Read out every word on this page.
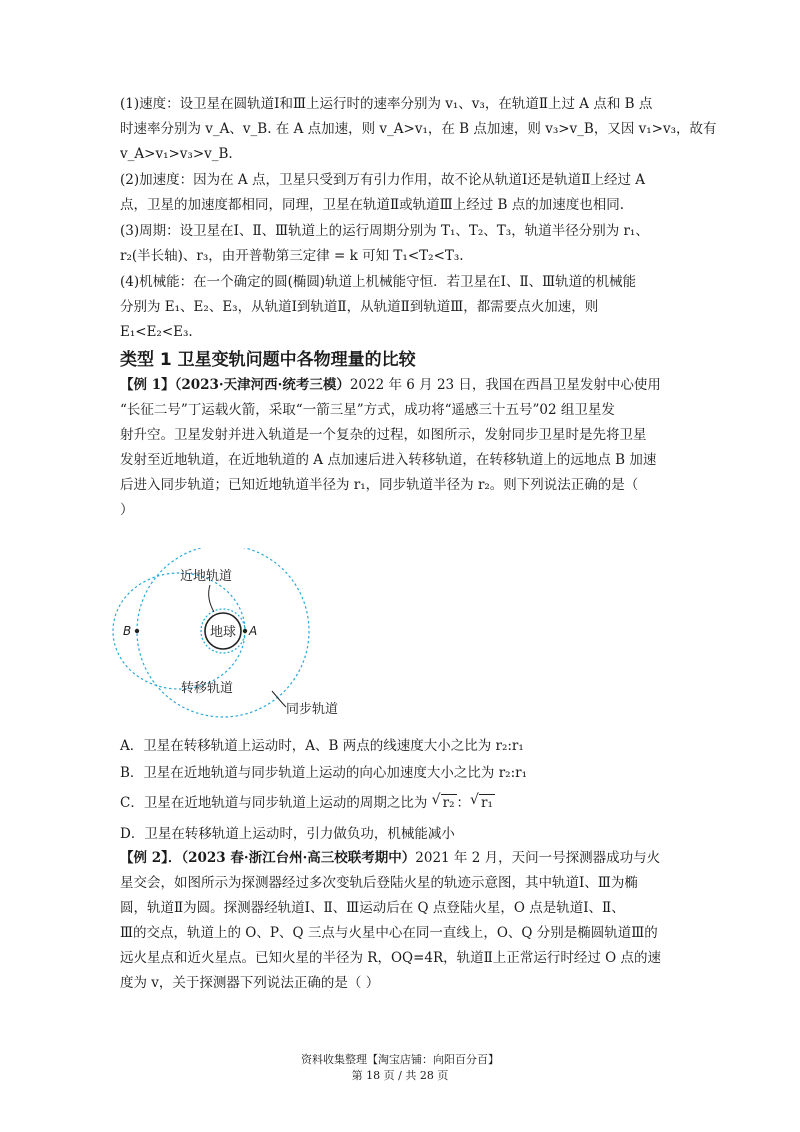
(1)速度：设卫星在圆轨道Ⅰ和Ⅲ上运行时的速率分别为 v₁、v₃，在轨道Ⅱ上过 A 点和 B 点
时速率分别为 v_A、v_B. 在 A 点加速，则 v_A>v₁，在 B 点加速，则 v₃>v_B，又因 v₁>v₃，故有
v_A>v₁>v₃>v_B.
(2)加速度：因为在 A 点，卫星只受到万有引力作用，故不论从轨道Ⅰ还是轨道Ⅱ上经过 A
点，卫星的加速度都相同，同理，卫星在轨道Ⅱ或轨道Ⅲ上经过 B 点的加速度也相同.
(3)周期：设卫星在Ⅰ、Ⅱ、Ⅲ轨道上的运行周期分别为 T₁、T₂、T₃，轨道半径分别为 r₁、
r₂(半长轴)、r₃，由开普勒第三定律 = k 可知 T₁<T₂<T₃.
(4)机械能：在一个确定的圆(椭圆)轨道上机械能守恒．若卫星在Ⅰ、Ⅱ、Ⅲ轨道的机械能
分别为 E₁、E₂、E₃，从轨道Ⅰ到轨道Ⅱ，从轨道Ⅱ到轨道Ⅲ，都需要点火加速，则
E₁<E₂<E₃.
类型 1 卫星变轨问题中各物理量的比较
【例 1】（2023·天津河西·统考三模）2022 年 6 月 23 日，我国在西昌卫星发射中心使用
“长征二号”丁运载火箭，采取“一箭三星”方式，成功将“遥感三十五号”02 组卫星发
射升空。卫星发射并进入轨道是一个复杂的过程，如图所示，发射同步卫星时是先将卫星
发射至近地轨道，在近地轨道的 A 点加速后进入转移轨道，在转移轨道上的远地点 B 加速
后进入同步轨道；已知近地轨道半径为 r₁，同步轨道半径为 r₂。则下列说法正确的是（
）
地球 A
B
近地轨道
转移轨道
同步轨道
A．卫星在转移轨道上运动时，A、B 两点的线速度大小之比为 r₂:r₁
B．卫星在近地轨道与同步轨道上运动的向心加速度大小之比为 r₂:r₁
C．卫星在近地轨道与同步轨道上运动的周期之比为 √ r₂ ： √ r₁
D．卫星在转移轨道上运动时，引力做负功，机械能减小
【例 2】．（2023 春·浙江台州·高三校联考期中）2021 年 2 月，天问一号探测器成功与火
星交会，如图所示为探测器经过多次变轨后登陆火星的轨迹示意图，其中轨道Ⅰ、Ⅲ为椭
圆，轨道Ⅱ为圆。探测器经轨道Ⅰ、Ⅱ、Ⅲ运动后在 Q 点登陆火星，O 点是轨道Ⅰ、Ⅱ、
Ⅲ的交点，轨道上的 O、P、Q 三点与火星中心在同一直线上，O、Q 分别是椭圆轨道Ⅲ的
远火星点和近火星点。已知火星的半径为 R，OQ=4R，轨道Ⅱ上正常运行时经过 O 点的速
度为 v，关于探测器下列说法正确的是（ ）
资料收集整理【淘宝店铺：向阳百分百】
第 18 页 / 共 28 页
